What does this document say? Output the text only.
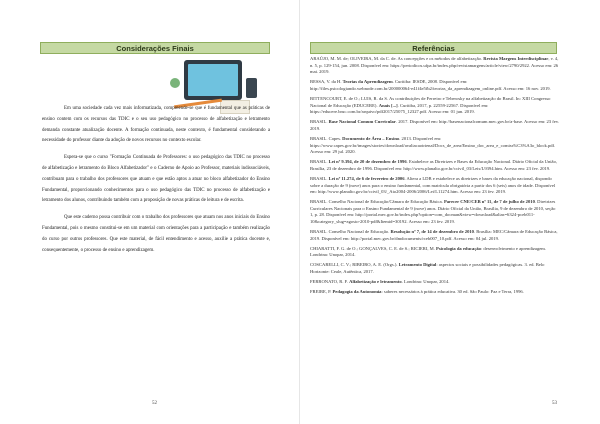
Considerações Finais

Em uma sociedade cada vez mais informatizada, compreende-se que é fundamental que as práticas de ensino contem com os recursos das TDIC e o seu uso pedagógico no processo de alfabetização e letramento demanda constante atualização docente. A formação continuada, neste contexto, é fundamental considerando a necessidade do professor diante da adoção de novos recursos no contexto escolar.

Espera-se que o curso "Formação Continuada de Professores: o uso pedagógico das TDIC no processo de alfabetização e letramento do Bloco Alfabetizador" e o Caderno de Apoio ao Professor, materiais indissociáveis, contribuam para o trabalho dos professores que atuam e que estão aptos a atuar no bloco alfabetizador do Ensino Fundamental, proporcionando conhecimentos para o uso pedagógico das TDIC no processo de alfabetização e letramento dos alunos, contribuindo também com a proposição de novas práticas de leitura e de escrita.

Que este caderno possa contribuir com o trabalho dos professores que atuam nos anos iniciais do Ensino Fundamental, pois o mesmo constitui-se em um material com orientações para a participação e também realização do curso por outros professores. Que este material, de fácil entendimento e acesso, auxilie a prática docente e, consequentemente, o processo de ensino e aprendizagem.

52
Referências
ARAÚJO, M. M. de; OLIVEIRA, M. da C. de. As concepções e os métodos de alfabetização. Revista Margens Interdisciplinar, v. 4, n. 5, p. 129-154, jun. 2008. Disponível em: https://periodicos.ufpa.br/index.php/revistamargens/article/view/2790/2922. Acesso em: 26 mai. 2019.
BESSA, V. da H. Teorias da Aprendizagem. Curitiba: IESDE, 2008. Disponível em: http://files.psicologiando.webnode.com.br/200000064-e41f4e5fb2/teorias_da_aprendizagem_online.pdf. Acesso em: 16 nov. 2019.
BITTENCOURT, E. de O.; LUIS, R. da S. As contribuições de Ferreiro e Teberosky na alfabetização do Brasil. In: XIII Congresso Nacional de Educação (EDUCERE). Anais [...]. Curitiba, 2017, p. 22559-22567. Disponível em: https://educere.bruc.com.br/arquivo/pdf2017/25075_12327.pdf. Acesso em: 01 jun. 2019.
BRASIL. Base Nacional Comum Curricular. 2017. Disponível em: http://basenacionalcomum.mec.gov.br/a-base. Acesso em: 23 fev. 2019.
BRASIL. Capes. Documento de Área – Ensino. 2013. Disponível em: https://www.capes.gov.br/images/stories/download/avaliacaotrienal/Docs_de_area/Ensino_doc_area_e_comiss%C3%A3o_block.pdf. Acesso em: 29 jul. 2020.
BRASIL. Lei nº 9.394, de 20 de dezembro de 1996. Estabelece as Diretrizes e Bases da Educação Nacional. Diário Oficial da União, Brasília, 23 de dezembro de 1996. Disponível em: http://www.planalto.gov.br/ccivil_03/Leis/L9394.htm. Acesso em: 23 fev. 2019.
BRASIL. Lei nº 11.274, de 6 de fevereiro de 2006. Altera a LDB e estabelece as diretrizes e bases da educação nacional, dispondo sobre a duração de 9 (nove) anos para o ensino fundamental, com matrícula obrigatória a partir dos 6 (seis) anos de idade. Disponível em: http://www.planalto.gov.br/ccivil_03/_Ato2004-2006/2006/Lei/L11274.htm. Acesso em: 23 fev. 2019.
BRASIL. Conselho Nacional de Educação/Câmara de Educação Básica. Parecer CNE/CEB nº 11, de 7 de julho de 2010. Diretrizes Curriculares Nacionais para o Ensino Fundamental de 9 (nove) anos. Diário Oficial da União, Brasília, 9 de dezembro de 2010, seção 1, p. 28. Disponível em: http://portal.mec.gov.br/index.php?option=com_docman&view=download&alias=6324-pceb011-10&category_slug=agosto-2010-pdf&Itemid=30192. Acesso em: 23 fev. 2019.
BRASIL. Conselho Nacional de Educação. Resolução nº 7, de 14 de dezembro de 2010. Brasília: MEC/Câmara de Educação Básica, 2019. Disponível em: http://portal.mec.gov.br/dmdocuments/rceb007_10.pdf. Acesso em: 04 jul. 2019.
CHIARATTI, F. G. de O.; GONÇALVES, C. E. de S.; RICIERI, M. Psicologia da educação: desenvolvimento e aprendizagem. Londrina: Unopar, 2014.
COSCARELLI, C. V.; RIBEIRO, A. E. (Orgs.). Letramento Digital: aspectos sociais e possibilidades pedagógicas. 3. ed. Belo Horizonte: Ceale, Autêntica, 2017.
FERRONATO, R. F. Alfabetização e letramento. Londrina: Unopar, 2014.
FREIRE, P. Pedagogia da Autonomia: saberes necessários à prática educativa. 30 ed. São Paulo: Paz e Terra, 1996.
53
